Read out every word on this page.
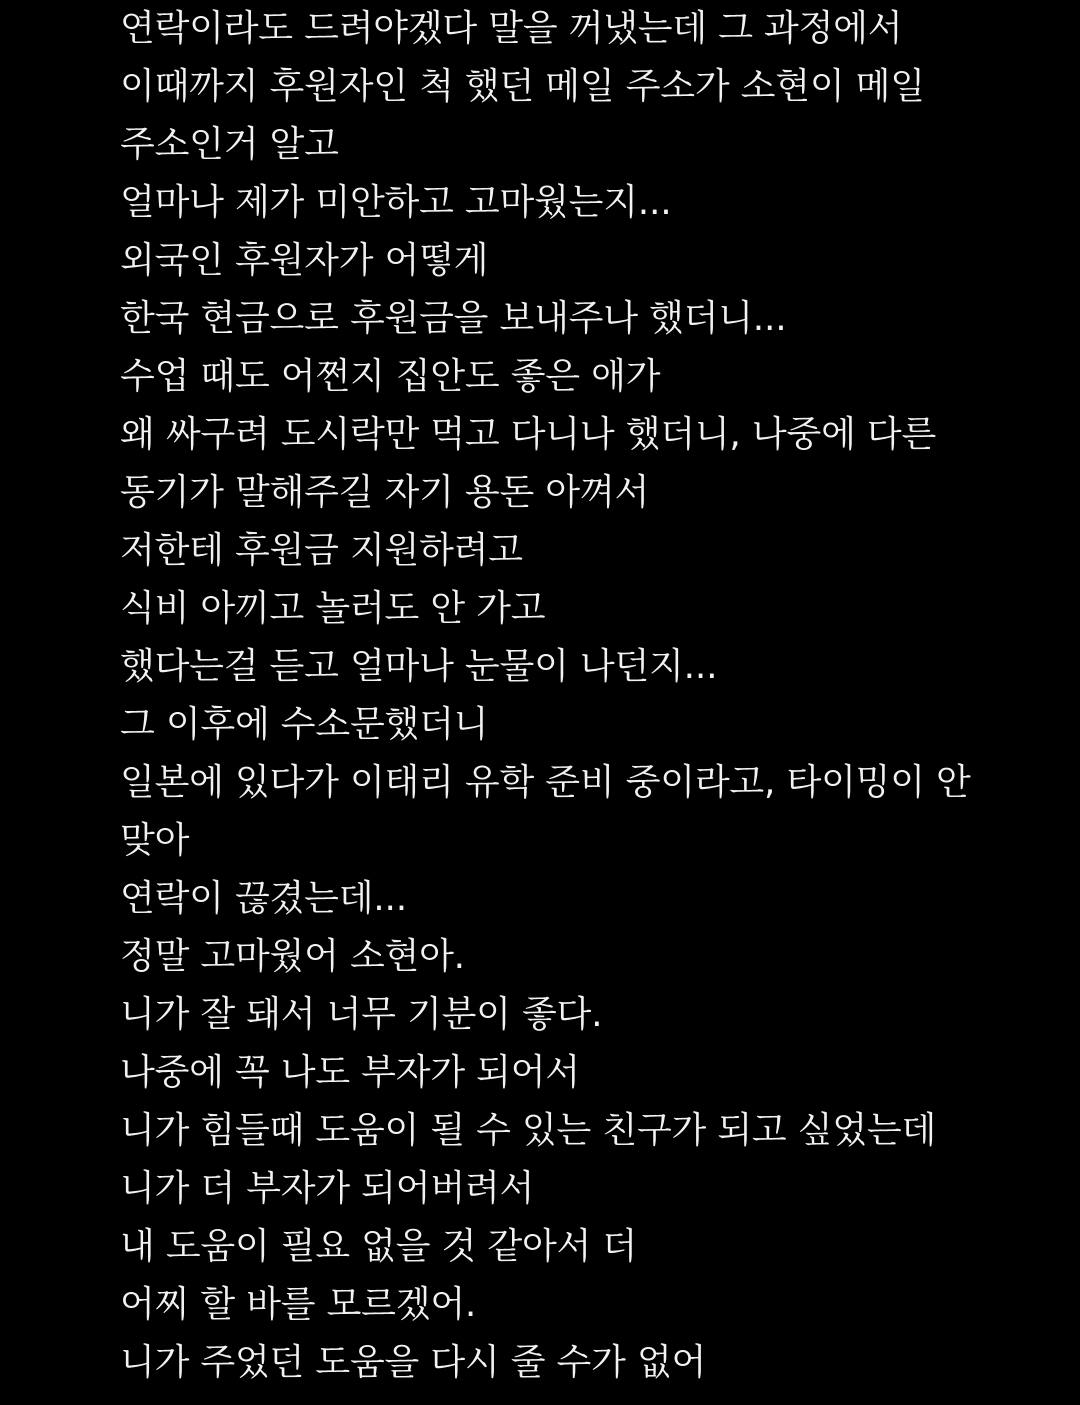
연락이라도 드려야겠다 말을 꺼냈는데 그 과정에서
이때까지 후원자인 척 했던 메일 주소가 소현이 메일
주소인거 알고
얼마나 제가 미안하고 고마웠는지...
외국인 후원자가 어떻게
한국 현금으로 후원금을 보내주나 했더니...
수업 때도 어쩐지 집안도 좋은 애가
왜 싸구려 도시락만 먹고 다니나 했더니, 나중에 다른
동기가 말해주길 자기 용돈 아껴서
저한테 후원금 지원하려고
식비 아끼고 놀러도 안 가고
했다는걸 듣고 얼마나 눈물이 나던지...
그 이후에 수소문했더니
일본에 있다가 이태리 유학 준비 중이라고, 타이밍이 안
맞아
연락이 끊겼는데...
정말 고마웠어 소현아.
니가 잘 돼서 너무 기분이 좋다.
나중에 꼭 나도 부자가 되어서
니가 힘들때 도움이 될 수 있는 친구가 되고 싶었는데
니가 더 부자가 되어버려서
내 도움이 필요 없을 것 같아서 더
어찌 할 바를 모르겠어.
니가 주었던 도움을 다시 줄 수가 없어
